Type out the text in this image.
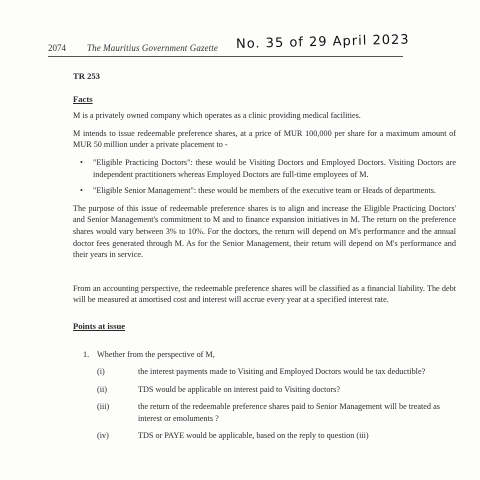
2074 The Mauritius Government Gazette No. 35 of 29 April 2023

TR 253

Facts

M is a privately owned company which operates as a clinic providing medical facilities.

M intends to issue redeemable preference shares, at a price of MUR 100,000 per share for a maximum amount of MUR 50 million under a private placement to -

• "Eligible Practicing Doctors": these would be Visiting Doctors and Employed Doctors. Visiting Doctors are independent practitioners whereas Employed Doctors are full-time employees of M.
• "Eligible Senior Management": these would be members of the executive team or Heads of departments.

The purpose of this issue of redeemable preference shares is to align and increase the Eligible Practicing Doctors' and Senior Management's commitment to M and to finance expansion initiatives in M. The return on the preference shares would vary between 3% to 10%. For the doctors, the return will depend on M's performance and the annual doctor fees generated through M. As for the Senior Management, their return will depend on M's performance and their years in service.

From an accounting perspective, the redeemable preference shares will be classified as a financial liability. The debt will be measured at amortised cost and interest will accrue every year at a specified interest rate.

Points at issue

1. Whether from the perspective of M,
(i)	the interest payments made to Visiting and Employed Doctors would be tax deductible?
(ii)	TDS would be applicable on interest paid to Visiting doctors?
(iii)	the return of the redeemable preference shares paid to Senior Management will be treated as interest or emoluments ?
(iv)	TDS or PAYE would be applicable, based on the reply to question (iii)
